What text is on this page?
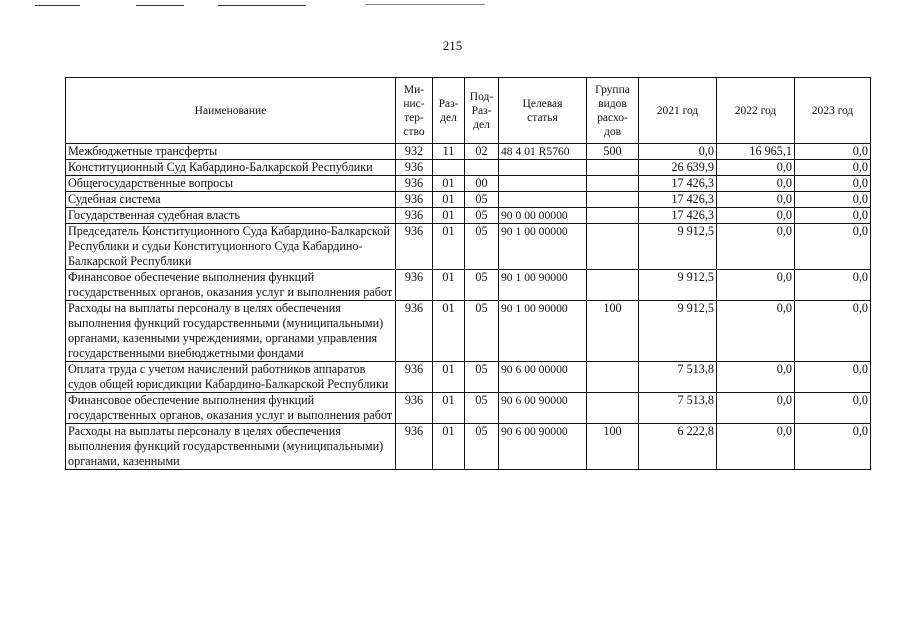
215
Наименование	Ми-
нис-
тер-
ство	Раз-
дел	Под-
Раз-
дел	Целевая
статья	Группа
видов
расхо-
дов	2021 год	2022 год	2023 год
Межбюджетные трансферты	932	11	02	48 4 01 R5760	500	0,0	16 965,1	0,0
Конституционный Суд Кабардино-Балкарской Республики	936					26 639,9	0,0	0,0
Общегосударственные вопросы	936	01	00			17 426,3	0,0	0,0
Судебная система	936	01	05			17 426,3	0,0	0,0
Государственная судебная власть	936	01	05	90 0 00 00000		17 426,3	0,0	0,0
Председатель Конституционного Суда Кабардино-Балкарской Республики и судьи Конституционного Суда Кабардино-Балкарской Республики	936	01	05	90 1 00 00000		9 912,5	0,0	0,0
Финансовое обеспечение выполнения функций государственных органов, оказания услуг и выполнения работ	936	01	05	90 1 00 90000		9 912,5	0,0	0,0
Расходы на выплаты персоналу в целях обеспечения выполнения функций государственными (муниципальными) органами, казенными учреждениями, органами управления государственными внебюджетными фондами	936	01	05	90 1 00 90000	100	9 912,5	0,0	0,0
Оплата труда с учетом начислений работников аппаратов судов общей юрисдикции Кабардино-Балкарской Республики	936	01	05	90 6 00 00000		7 513,8	0,0	0,0
Финансовое обеспечение выполнения функций государственных органов, оказания услуг и выполнения работ	936	01	05	90 6 00 90000		7 513,8	0,0	0,0
Расходы на выплаты персоналу в целях обеспечения выполнения функций государственными (муниципальными) органами, казенными	936	01	05	90 6 00 90000	100	6 222,8	0,0	0,0
